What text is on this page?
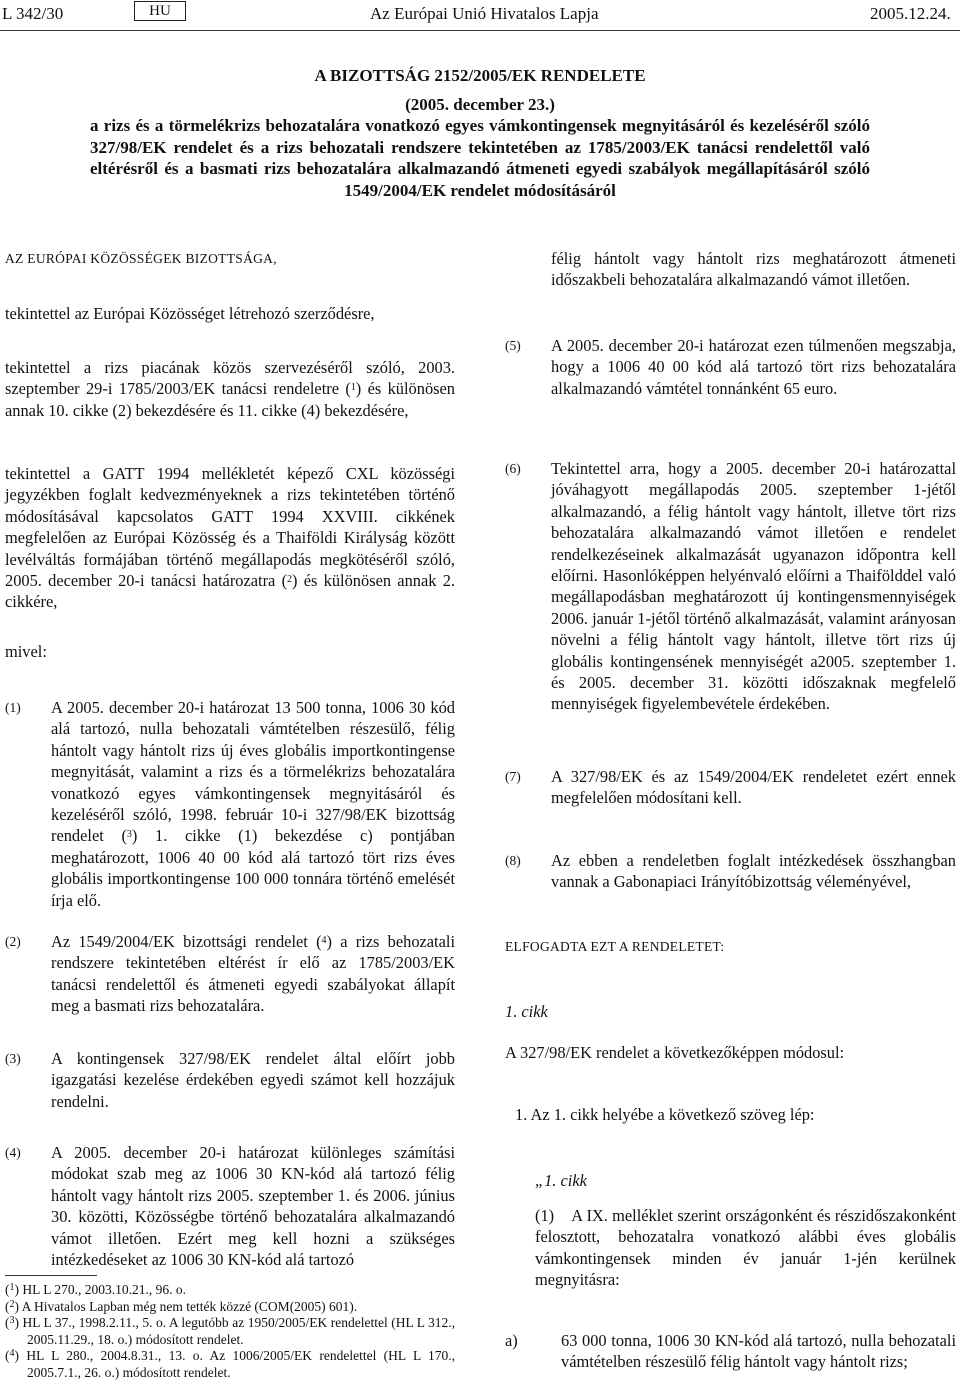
L 342/30	HU	Az Európai Unió Hivatalos Lapja	2005.12.24.
A BIZOTTSÁG 2152/2005/EK RENDELETE
(2005. december 23.)
a rizs és a törmelékrizs behozatalára vonatkozó egyes vámkontingensek megnyitásáról és kezeléséről szóló 327/98/EK rendelet és a rizs behozatali rendszere tekintetében az 1785/2003/EK tanácsi rendelettől való eltérésről és a basmati rizs behozatalára alkalmazandó átmeneti egyedi szabályok megállapításáról szóló 1549/2004/EK rendelet módosításáról

AZ EURÓPAI KÖZÖSSÉGEK BIZOTTSÁGA,

tekintettel az Európai Közösséget létrehozó szerződésre,

tekintettel a rizs piacának közös szervezéséről szóló, 2003. szeptember 29-i 1785/2003/EK tanácsi rendeletre ($^1$) és különösen annak 10. cikke (2) bekezdésére és 11. cikke (4) bekezdésére,

tekintettel a GATT 1994 mellékletét képező CXL közösségi jegyzékben foglalt kedvezményeknek a rizs tekintetében történő módosításával kapcsolatos GATT 1994 XXVIII. cikkének megfelelően az Európai Közösség és a Thaiföldi Királyság között levélváltás formájában történő megállapodás megkötéséről szóló, 2005. december 20-i tanácsi határozatra ($^2$) és különösen annak 2. cikkére,

mivel:

(1) A 2005. december 20-i határozat 13 500 tonna, 1006 30 kód alá tartozó, nulla behozatali vámtételben részesülő, félig hántolt vagy hántolt rizs új éves globális importkontingense megnyitását, valamint a rizs és a törmelékrizs behozatalára vonatkozó egyes vámkontingensek megnyitásáról és kezeléséről szóló, 1998. február 10-i 327/98/EK bizottság rendelet ($^3$) 1. cikke (1) bekezdése c) pontjában meghatározott, 1006 40 00 kód alá tartozó tört rizs éves globális importkontingense 100 000 tonnára történő emelését írja elő.

(2) Az 1549/2004/EK bizottsági rendelet ($^4$) a rizs behozatali rendszere tekintetében eltérést ír elő az 1785/2003/EK tanácsi rendelettől és átmeneti egyedi szabályokat állapít meg a basmati rizs behozatalára.

(3) A kontingensek 327/98/EK rendelet által előírt jobb igazgatási kezelése érdekében egyedi számot kell hozzájuk rendelni.

(4) A 2005. december 20-i határozat különleges számítási módokat szab meg az 1006 30 KN-kód alá tartozó félig hántolt vagy hántolt rizs 2005. szeptember 1. és 2006. június 30. közötti, Közösségbe történő behozatalára alkalmazandó vámot illetően. Ezért meg kell hozni a szükséges intézkedéseket az 1006 30 KN-kód alá tartozó

($^1$) HL L 270., 2003.10.21., 96. o.
($^2$) A Hivatalos Lapban még nem tették közzé (COM(2005) 601).
($^3$) HL L 37., 1998.2.11., 5. o. A legutóbb az 1950/2005/EK rendelettel (HL L 312., 2005.11.29., 18. o.) módosított rendelet.
($^4$) HL L 280., 2004.8.31., 13. o. Az 1006/2005/EK rendelettel (HL L 170., 2005.7.1., 26. o.) módosított rendelet.

félig hántolt vagy hántolt rizs meghatározott átmeneti időszakbeli behozatalára alkalmazandó vámot illetően.

(5) A 2005. december 20-i határozat ezen túlmenően megszabja, hogy a 1006 40 00 kód alá tartozó tört rizs behozatalára alkalmazandó vámtétel tonnánként 65 euro.

(6) Tekintettel arra, hogy a 2005. december 20-i határozattal jóváhagyott megállapodás 2005. szeptember 1-jétől alkalmazandó, a félig hántolt vagy hántolt, illetve tört rizs behozatalára alkalmazandó vámot illetően e rendelet rendelkezéseinek alkalmazását ugyanazon időpontra kell előírni. Hasonlóképpen helyénvaló előírni a Thaifölddel való megállapodásban meghatározott új kontingensmennyiségek 2006. január 1-jétől történő alkalmazását, valamint arányosan növelni a félig hántolt vagy hántolt, illetve tört rizs új globális kontingensének mennyiségét a2005. szeptember 1. és 2005. december 31. közötti időszaknak megfelelő mennyiségek figyelembevétele érdekében.

(7) A 327/98/EK és az 1549/2004/EK rendeletet ezért ennek megfelelően módosítani kell.

(8) Az ebben a rendeletben foglalt intézkedések összhangban vannak a Gabonapiaci Irányítóbizottság véleményével,

ELFOGADTA EZT A RENDELETET:

1. cikk

A 327/98/EK rendelet a következőképpen módosul:

1. Az 1. cikk helyébe a következő szöveg lép:

„1. cikk

(1) A IX. melléklet szerint országonként és részidőszakonként felosztott, behozatalra vonatkozó alábbi éves globális vámkontingensek minden év január 1-jén kerülnek megnyitásra:

a)	63 000 tonna, 1006 30 KN-kód alá tartozó, nulla behozatali vámtételben részesülő félig hántolt vagy hántolt rizs;
